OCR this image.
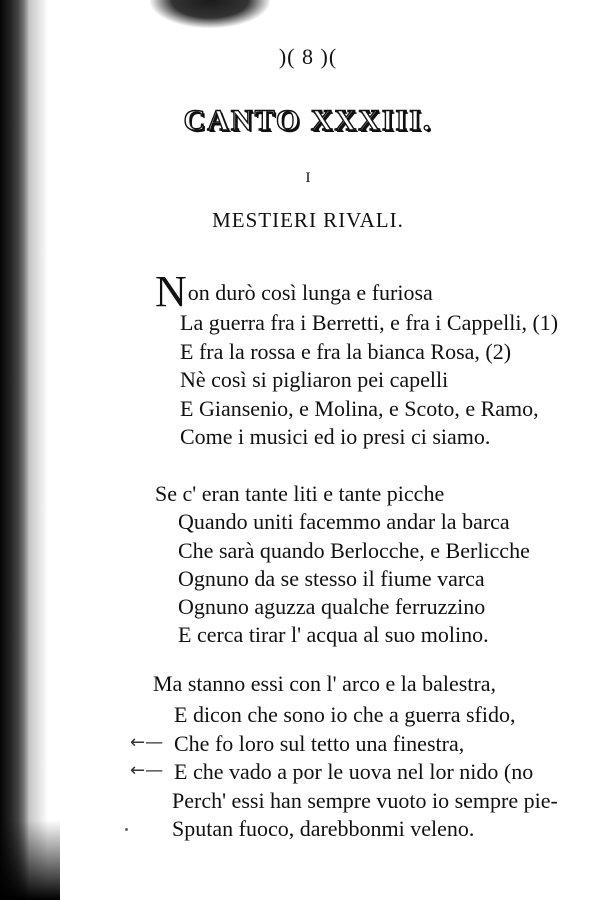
)( 8 )(
CANTO XXXIII.
I
MESTIERI RIVALI.
Non durò così lunga e furiosa
La guerra fra i Berretti, e fra i Cappelli, (1)
E fra la rossa e fra la bianca Rosa, (2)
Nè così si pigliaron pei capelli
E Giansenio, e Molina, e Scoto, e Ramo,
Come i musici ed io presi ci siamo.
Se c' eran tante liti e tante picche
Quando uniti facemmo andar la barca
Che sarà quando Berlocche, e Berlicche
Ognuno da se stesso il fiume varca
Ognuno aguzza qualche ferruzzino
E cerca tirar l' acqua al suo molino.
Ma stanno essi con l' arco e la balestra,
E dicon che sono io che a guerra sfido,
Che fo loro sul tetto una finestra,
E che vado a por le uova nel lor nido (no
Perch' essi han sempre vuoto io sempre pie-
Sputan fuoco, darebbonmi veleno.
←—
←—
